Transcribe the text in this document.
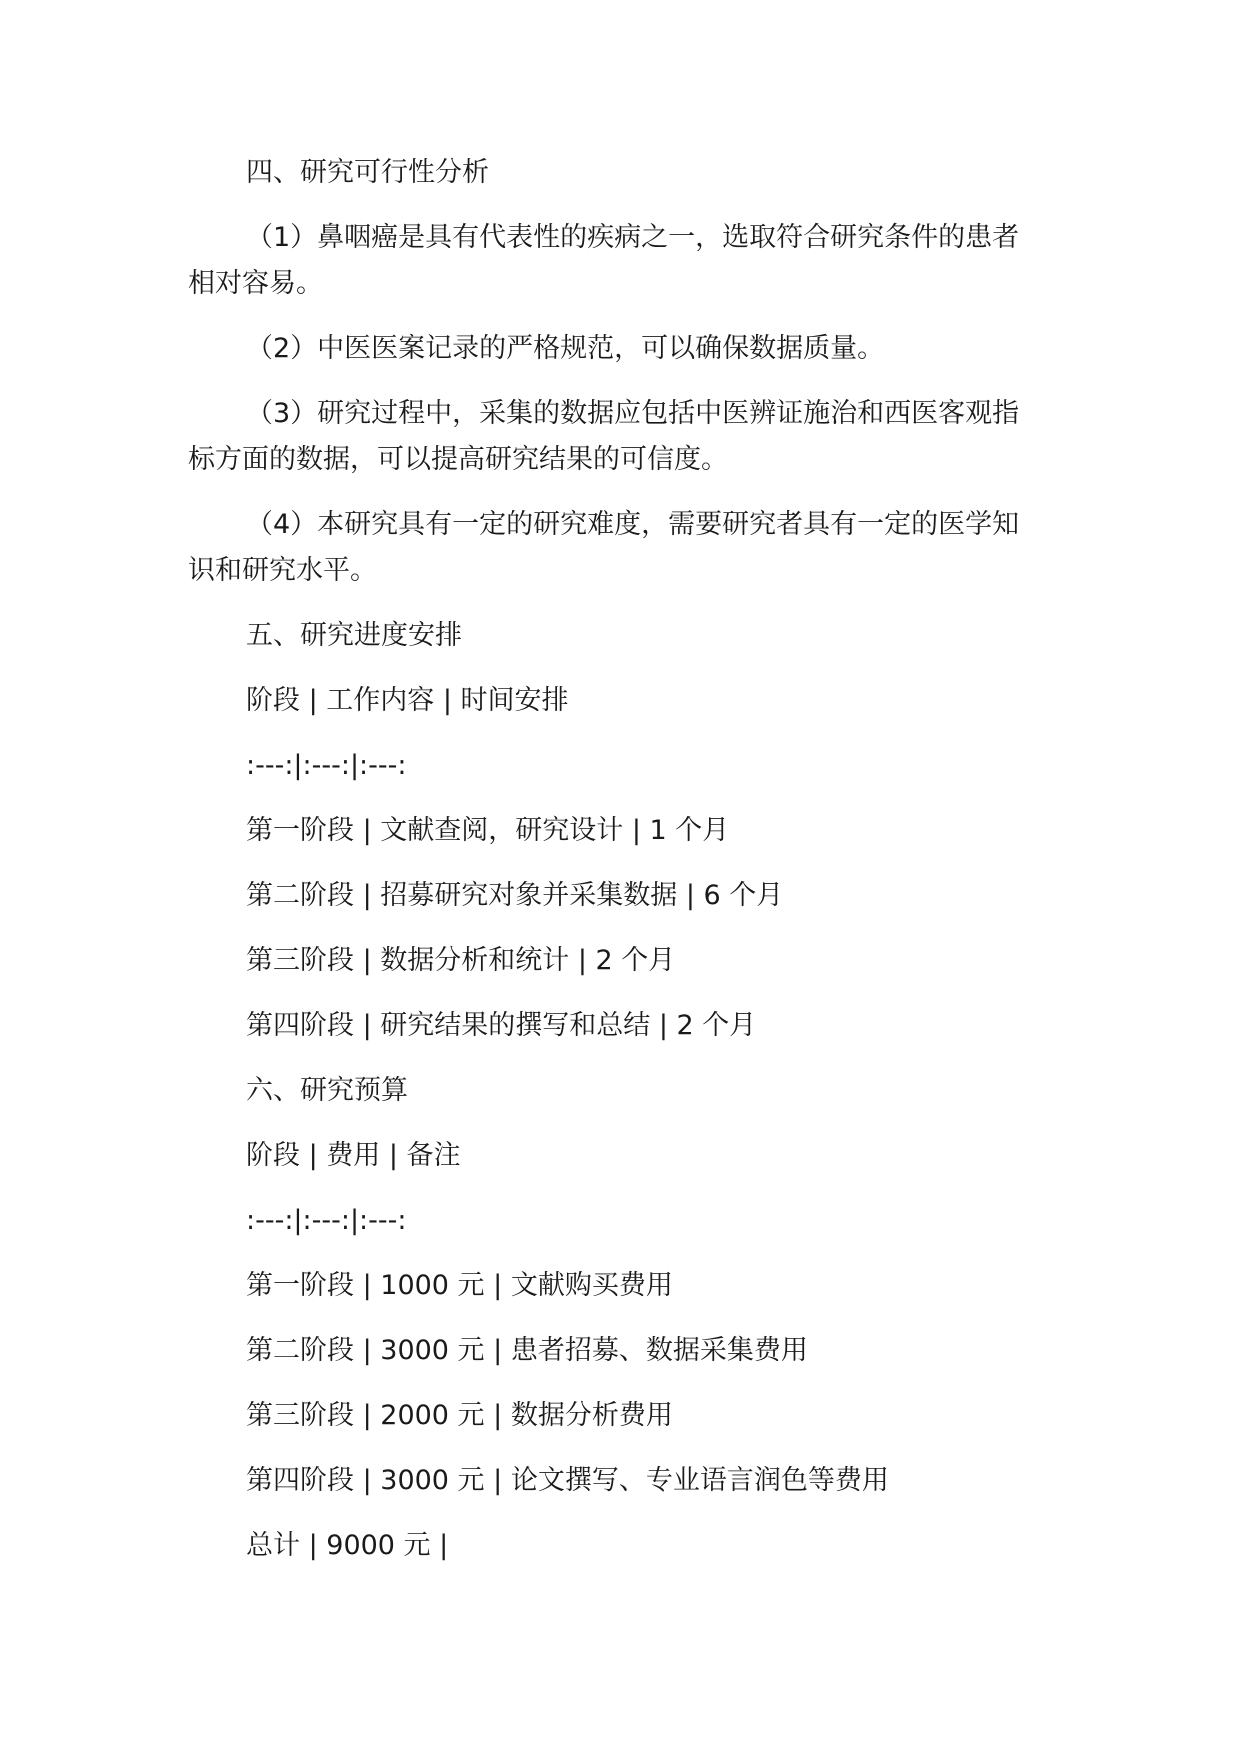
四、研究可行性分析

（1）鼻咽癌是具有代表性的疾病之一，选取符合研究条件的患者相对容易。

（2）中医医案记录的严格规范，可以确保数据质量。

（3）研究过程中，采集的数据应包括中医辨证施治和西医客观指标方面的数据，可以提高研究结果的可信度。

（4）本研究具有一定的研究难度，需要研究者具有一定的医学知识和研究水平。

五、研究进度安排

阶段 | 工作内容 | 时间安排

:---:|:---:|:---:

第一阶段 | 文献查阅，研究设计 | 1 个月

第二阶段 | 招募研究对象并采集数据 | 6 个月

第三阶段 | 数据分析和统计 | 2 个月

第四阶段 | 研究结果的撰写和总结 | 2 个月

六、研究预算

阶段 | 费用 | 备注

:---:|:---:|:---:

第一阶段 | 1000 元 | 文献购买费用

第二阶段 | 3000 元 | 患者招募、数据采集费用

第三阶段 | 2000 元 | 数据分析费用

第四阶段 | 3000 元 | 论文撰写、专业语言润色等费用

总计 | 9000 元 |
